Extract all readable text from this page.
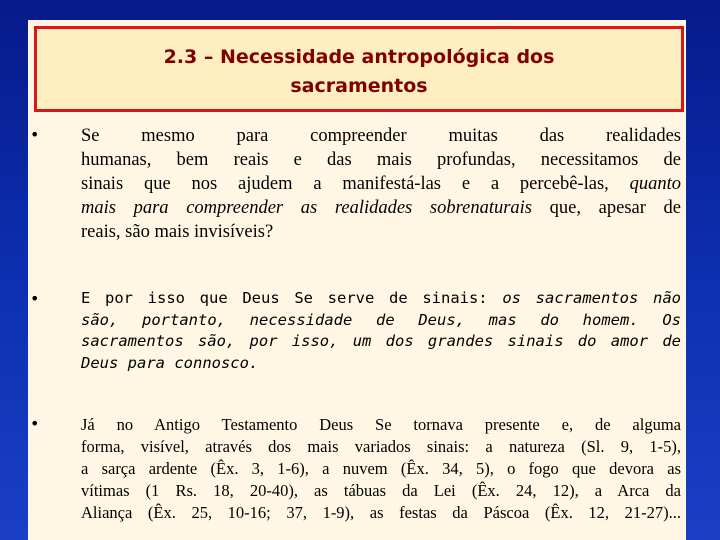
2.3 – Necessidade antropológica dos
sacramentos
• Se mesmo para compreender muitas das realidades
humanas, bem reais e das mais profundas, necessitamos de
sinais que nos ajudem a manifestá-las e a percebê-las, quanto
mais para compreender as realidades sobrenaturais que, apesar de
reais, são mais invisíveis?
•	E por isso que Deus Se serve de sinais: os sacramentos não
são, portanto, necessidade de Deus, mas do homem. Os
sacramentos são, por isso, um dos grandes sinais do amor de
Deus para connosco.
•	Já no Antigo Testamento Deus Se tornava presente e, de alguma
forma, visível, através dos mais variados sinais: a natureza (Sl. 9, 1-5),
a sarça ardente (Êx. 3, 1-6), a nuvem (Êx. 34, 5), o fogo que devora as
vítimas (1 Rs. 18, 20-40), as tábuas da Lei (Êx. 24, 12), a Arca da
Aliança (Êx. 25, 10-16; 37, 1-9), as festas da Páscoa (Êx. 12, 21-27)...
